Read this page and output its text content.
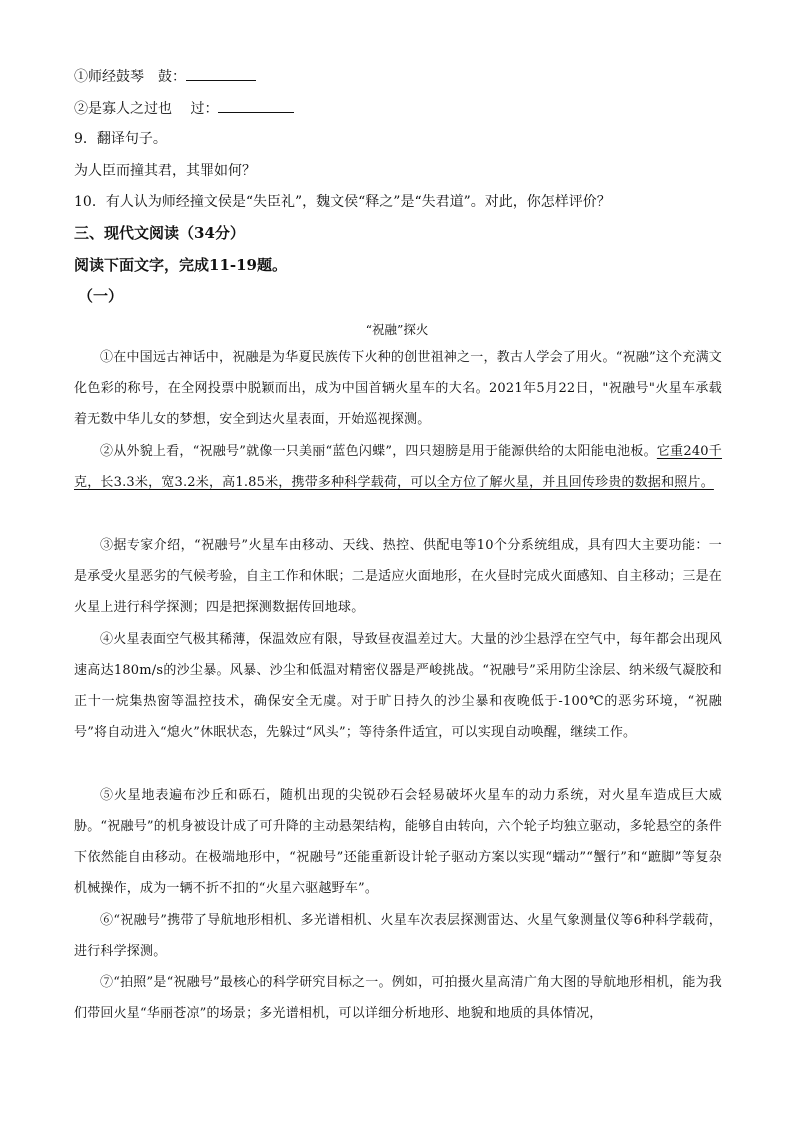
①师经鼓琴　鼓：
②是寡人之过也　 过：
9．翻译句子。
为人臣而撞其君，其罪如何？
10．有人认为师经撞文侯是“失臣礼”，魏文侯“释之”是“失君道”。对此，你怎样评价？
三、现代文阅读（34分）
阅读下面文字，完成11-19题。
（一）
“祝融”探火
①在中国远古神话中，祝融是为华夏民族传下火种的创世祖神之一，教古人学会了用火。“祝融”这个充满文化色彩的称号，在全网投票中脱颖而出，成为中国首辆火星车的大名。2021年5月22日，"祝融号"火星车承载着无数中华儿女的梦想，安全到达火星表面，开始巡视探测。
②从外貌上看，“祝融号”就像一只美丽“蓝色闪蝶”，四只翅膀是用于能源供给的太阳能电池板。它重240千克，长3.3米，宽3.2米，高1.85米，携带多种科学载荷，可以全方位了解火星，并且回传珍贵的数据和照片。
③据专家介绍，“祝融号”火星车由移动、天线、热控、供配电等10个分系统组成，具有四大主要功能：一是承受火星恶劣的气候考验，自主工作和休眠；二是适应火面地形，在火昼时完成火面感知、自主移动；三是在火星上进行科学探测；四是把探测数据传回地球。
④火星表面空气极其稀薄，保温效应有限，导致昼夜温差过大。大量的沙尘悬浮在空气中，每年都会出现风速高达180m/s的沙尘暴。风暴、沙尘和低温对精密仪器是严峻挑战。“祝融号”采用防尘涂层、纳米级气凝胶和正十一烷集热窗等温控技术，确保安全无虞。对于旷日持久的沙尘暴和夜晚低于-100℃的恶劣环境，“祝融号”将自动进入“熄火”休眠状态，先躲过“风头”；等待条件适宜，可以实现自动唤醒，继续工作。
⑤火星地表遍布沙丘和砾石，随机出现的尖锐砂石会轻易破坏火星车的动力系统，对火星车造成巨大威胁。“祝融号”的机身被设计成了可升降的主动悬架结构，能够自由转向，六个轮子均独立驱动，多轮悬空的条件下依然能自由移动。在极端地形中，“祝融号”还能重新设计轮子驱动方案以实现“蠕动”“蟹行”和“蹠脚”等复杂机械操作，成为一辆不折不扣的“火星六驱越野车”。
⑥“祝融号”携带了导航地形相机、多光谱相机、火星车次表层探测雷达、火星气象测量仪等6种科学载荷，进行科学探测。
⑦“拍照”是“祝融号”最核心的科学研究目标之一。例如，可拍摄火星高清广角大图的导航地形相机，能为我们带回火星“华丽苍凉”的场景；多光谱相机，可以详细分析地形、地貌和地质的具体情况，
